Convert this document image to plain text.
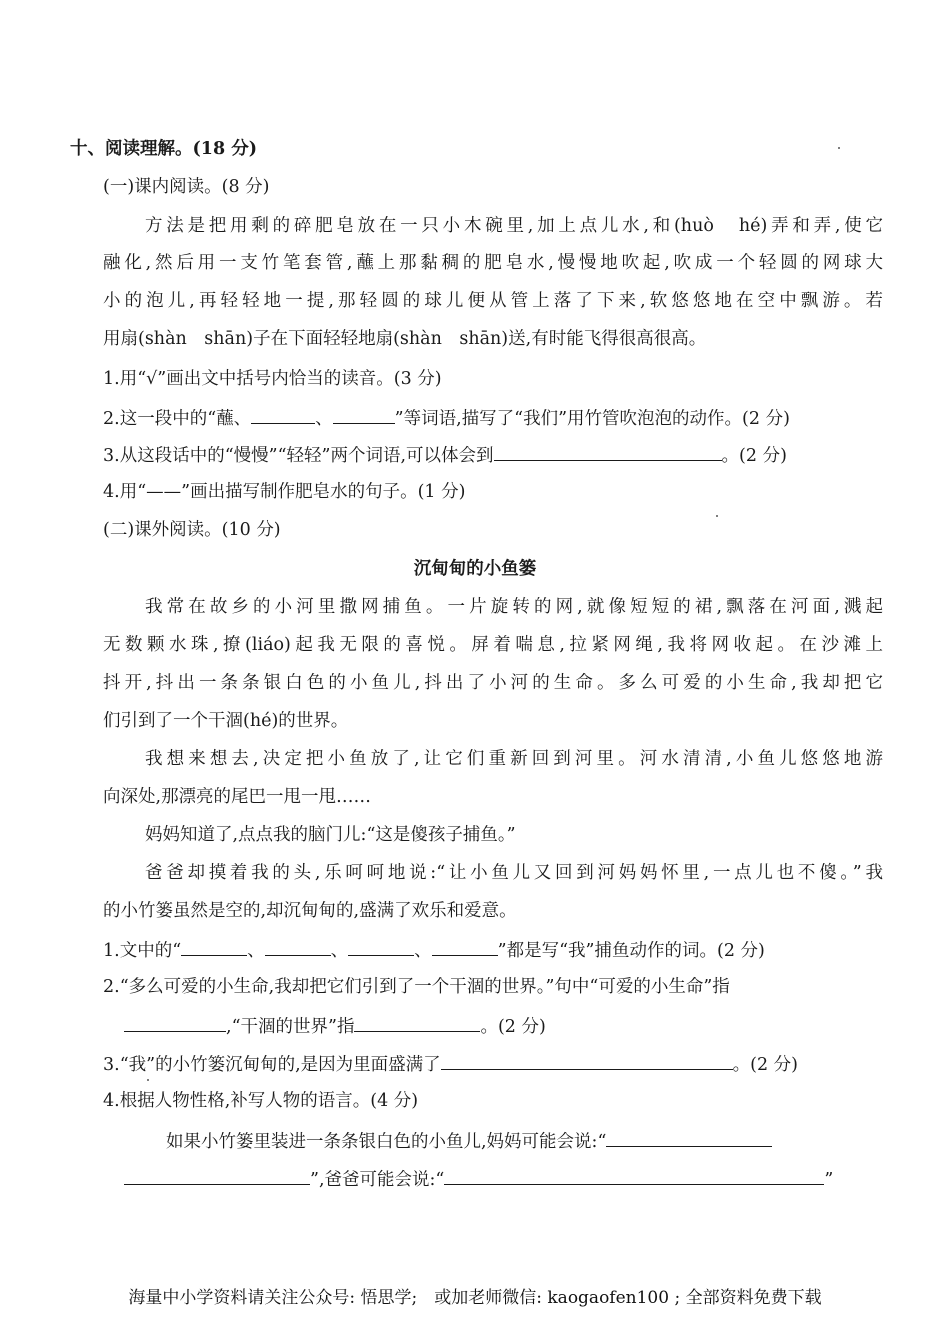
十、阅读理解。(18 分)
(一)课内阅读。(8 分)
方法是把用剩的碎肥皂放在一只小木碗里,加上点儿水,和(huò　hé)弄和弄,使它
融化,然后用一支竹笔套管,蘸上那黏稠的肥皂水,慢慢地吹起,吹成一个轻圆的网球大
小的泡儿,再轻轻地一提,那轻圆的球儿便从管上落了下来,软悠悠地在空中飘游。若
用扇(shàn　shān)子在下面轻轻地扇(shàn　shān)送,有时能飞得很高很高。
1.用“√”画出文中括号内恰当的读音。(3 分)
2.这一段中的“蘸、	、	”等词语,描写了“我们”用竹管吹泡泡的动作。(2 分)
3.从这段话中的“慢慢”“轻轻”两个词语,可以体会到	。(2 分)
4.用“——”画出描写制作肥皂水的句子。(1 分)
(二)课外阅读。(10 分)
沉甸甸的小鱼篓
我常在故乡的小河里撒网捕鱼。一片旋转的网,就像短短的裙,飘落在河面,溅起
无数颗水珠,撩(liáo)起我无限的喜悦。屏着喘息,拉紧网绳,我将网收起。在沙滩上
抖开,抖出一条条银白色的小鱼儿,抖出了小河的生命。多么可爱的小生命,我却把它
们引到了一个干涸(hé)的世界。
我想来想去,决定把小鱼放了,让它们重新回到河里。河水清清,小鱼儿悠悠地游
向深处,那漂亮的尾巴一甩一甩……
妈妈知道了,点点我的脑门儿:“这是傻孩子捕鱼。”
爸爸却摸着我的头,乐呵呵地说:“让小鱼儿又回到河妈妈怀里,一点儿也不傻。”我
的小竹篓虽然是空的,却沉甸甸的,盛满了欢乐和爱意。
1.文中的“	、	、	、	”都是写“我”捕鱼动作的词。(2 分)
2.“多么可爱的小生命,我却把它们引到了一个干涸的世界。”句中“可爱的小生命”指
,“干涸的世界”指	。(2 分)
3.“我”的小竹篓沉甸甸的,是因为里面盛满了	。(2 分)
4.根据人物性格,补写人物的语言。(4 分)
如果小竹篓里装进一条条银白色的小鱼儿,妈妈可能会说:“
”,爸爸可能会说:“	”
海量中小学资料请关注公众号: 悟思学;　或加老师微信: kaogaofen100 ; 全部资料免费下载
